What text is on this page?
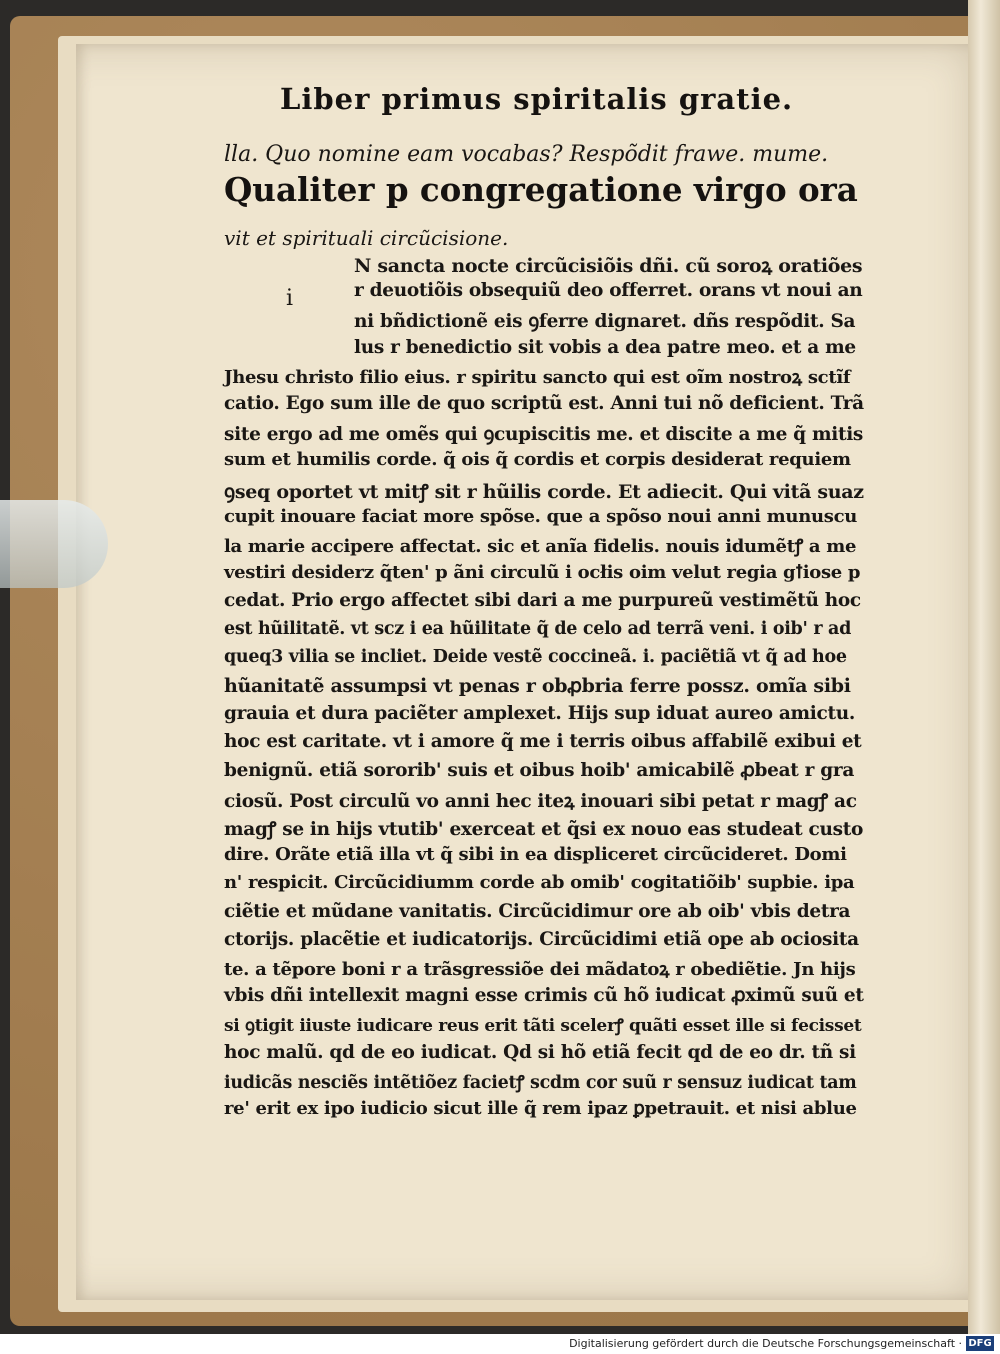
Liber primus spiritalis gratie.
lla. Quo nomine eam vocabas? Respõdit frawe. mume.
Qualiter p congregatione virgo ora
vit et spirituali circũcisione.
i
N sancta nocte circũcisiõis dñi. cũ soroꝝ oratiões
r deuotiõis obsequiũ deo offerret. orans vt noui an
ni bñdictionẽ eis ꝯferre dignaret. dñs respõdit. Sa
lus r benedictio sit vobis a dea patre meo. et a me
Jhesu christo filio eius. r spiritu sancto qui est oĩm nostroꝝ sctĩf
catio. Ego sum ille de quo scriptũ est. Anni tui nõ deficient. Trã
site ergo ad me omẽs qui ꝯcupiscitis me. et discite a me q̃ mitis
sum et humilis corde. q̃ ois q̃ cordis et corpis desiderat requiem
ꝯseq oportet vt mitꝭ sit r hũilis corde. Et adiecit. Qui vitã suaz
cupit inouare faciat more spõse. que a spõso noui anni munuscu
la marie accipere affectat. sic et anĩa fidelis. nouis idumẽtꝭ a me
vestiri desiderz q̃ten' p ãni circulũ i ocłis oim velut regia gꝉiose p
cedat. Prio ergo affectet sibi dari a me purpureũ vestimẽtũ hoc
est hũilitatẽ. vt scz i ea hũilitate q̃ de celo ad terrã veni. i oib' r ad
queq3 vilia se incliet. Deide vestẽ coccineã. i. paciẽtiã vt q̃ ad hoe
hũanitatẽ assumpsi vt penas r obꝓbria ferre possz. omĩa sibi
grauia et dura paciẽter amplexet. Hijs sup iduat aureo amictu.
hoc est caritate. vt i amore q̃ me i terris oibus affabilẽ exibui et
benignũ. etiã sororib' suis et oibus hoib' amicabilẽ ꝓbeat r gra
ciosũ. Post circulũ vo anni hec iteꝝ inouari sibi petat r magꝭ ac
magꝭ se in hijs vtutib' exerceat et q̃si ex nouo eas studeat custo
dire. Orãte etiã illa vt q̃ sibi in ea displiceret circũcideret. Domi
n' respicit. Circũcidiumm corde ab omib' cogitatiõib' supbie. ipa
ciẽtie et mũdane vanitatis. Circũcidimur ore ab oib' vbis detra
ctorijs. placẽtie et iudicatorijs. Circũcidimi etiã ope ab ociosita
te. a tẽpore boni r a trãsgressiõe dei mãdatoꝝ r obediẽtie. Jn hijs
vbis dñi intellexit magni esse crimis cũ hõ iudicat ꝓximũ suũ et
si ꝯtigit iiuste iudicare reus erit tãti scelerꝭ quãti esset ille si fecisset
hoc malũ. qd de eo iudicat. Qd si hõ etiã fecit qd de eo dr. tñ si
iudicãs nesciẽs intẽtiõez facietꝭ scdm cor suũ r sensuz iudicat tam
re' erit ex ipo iudicio sicut ille q̃ rem ipaz ꝑpetrauit. et nisi ablue
Digitalisierung gefördert durch die Deutsche Forschungsgemeinschaft · DFG
